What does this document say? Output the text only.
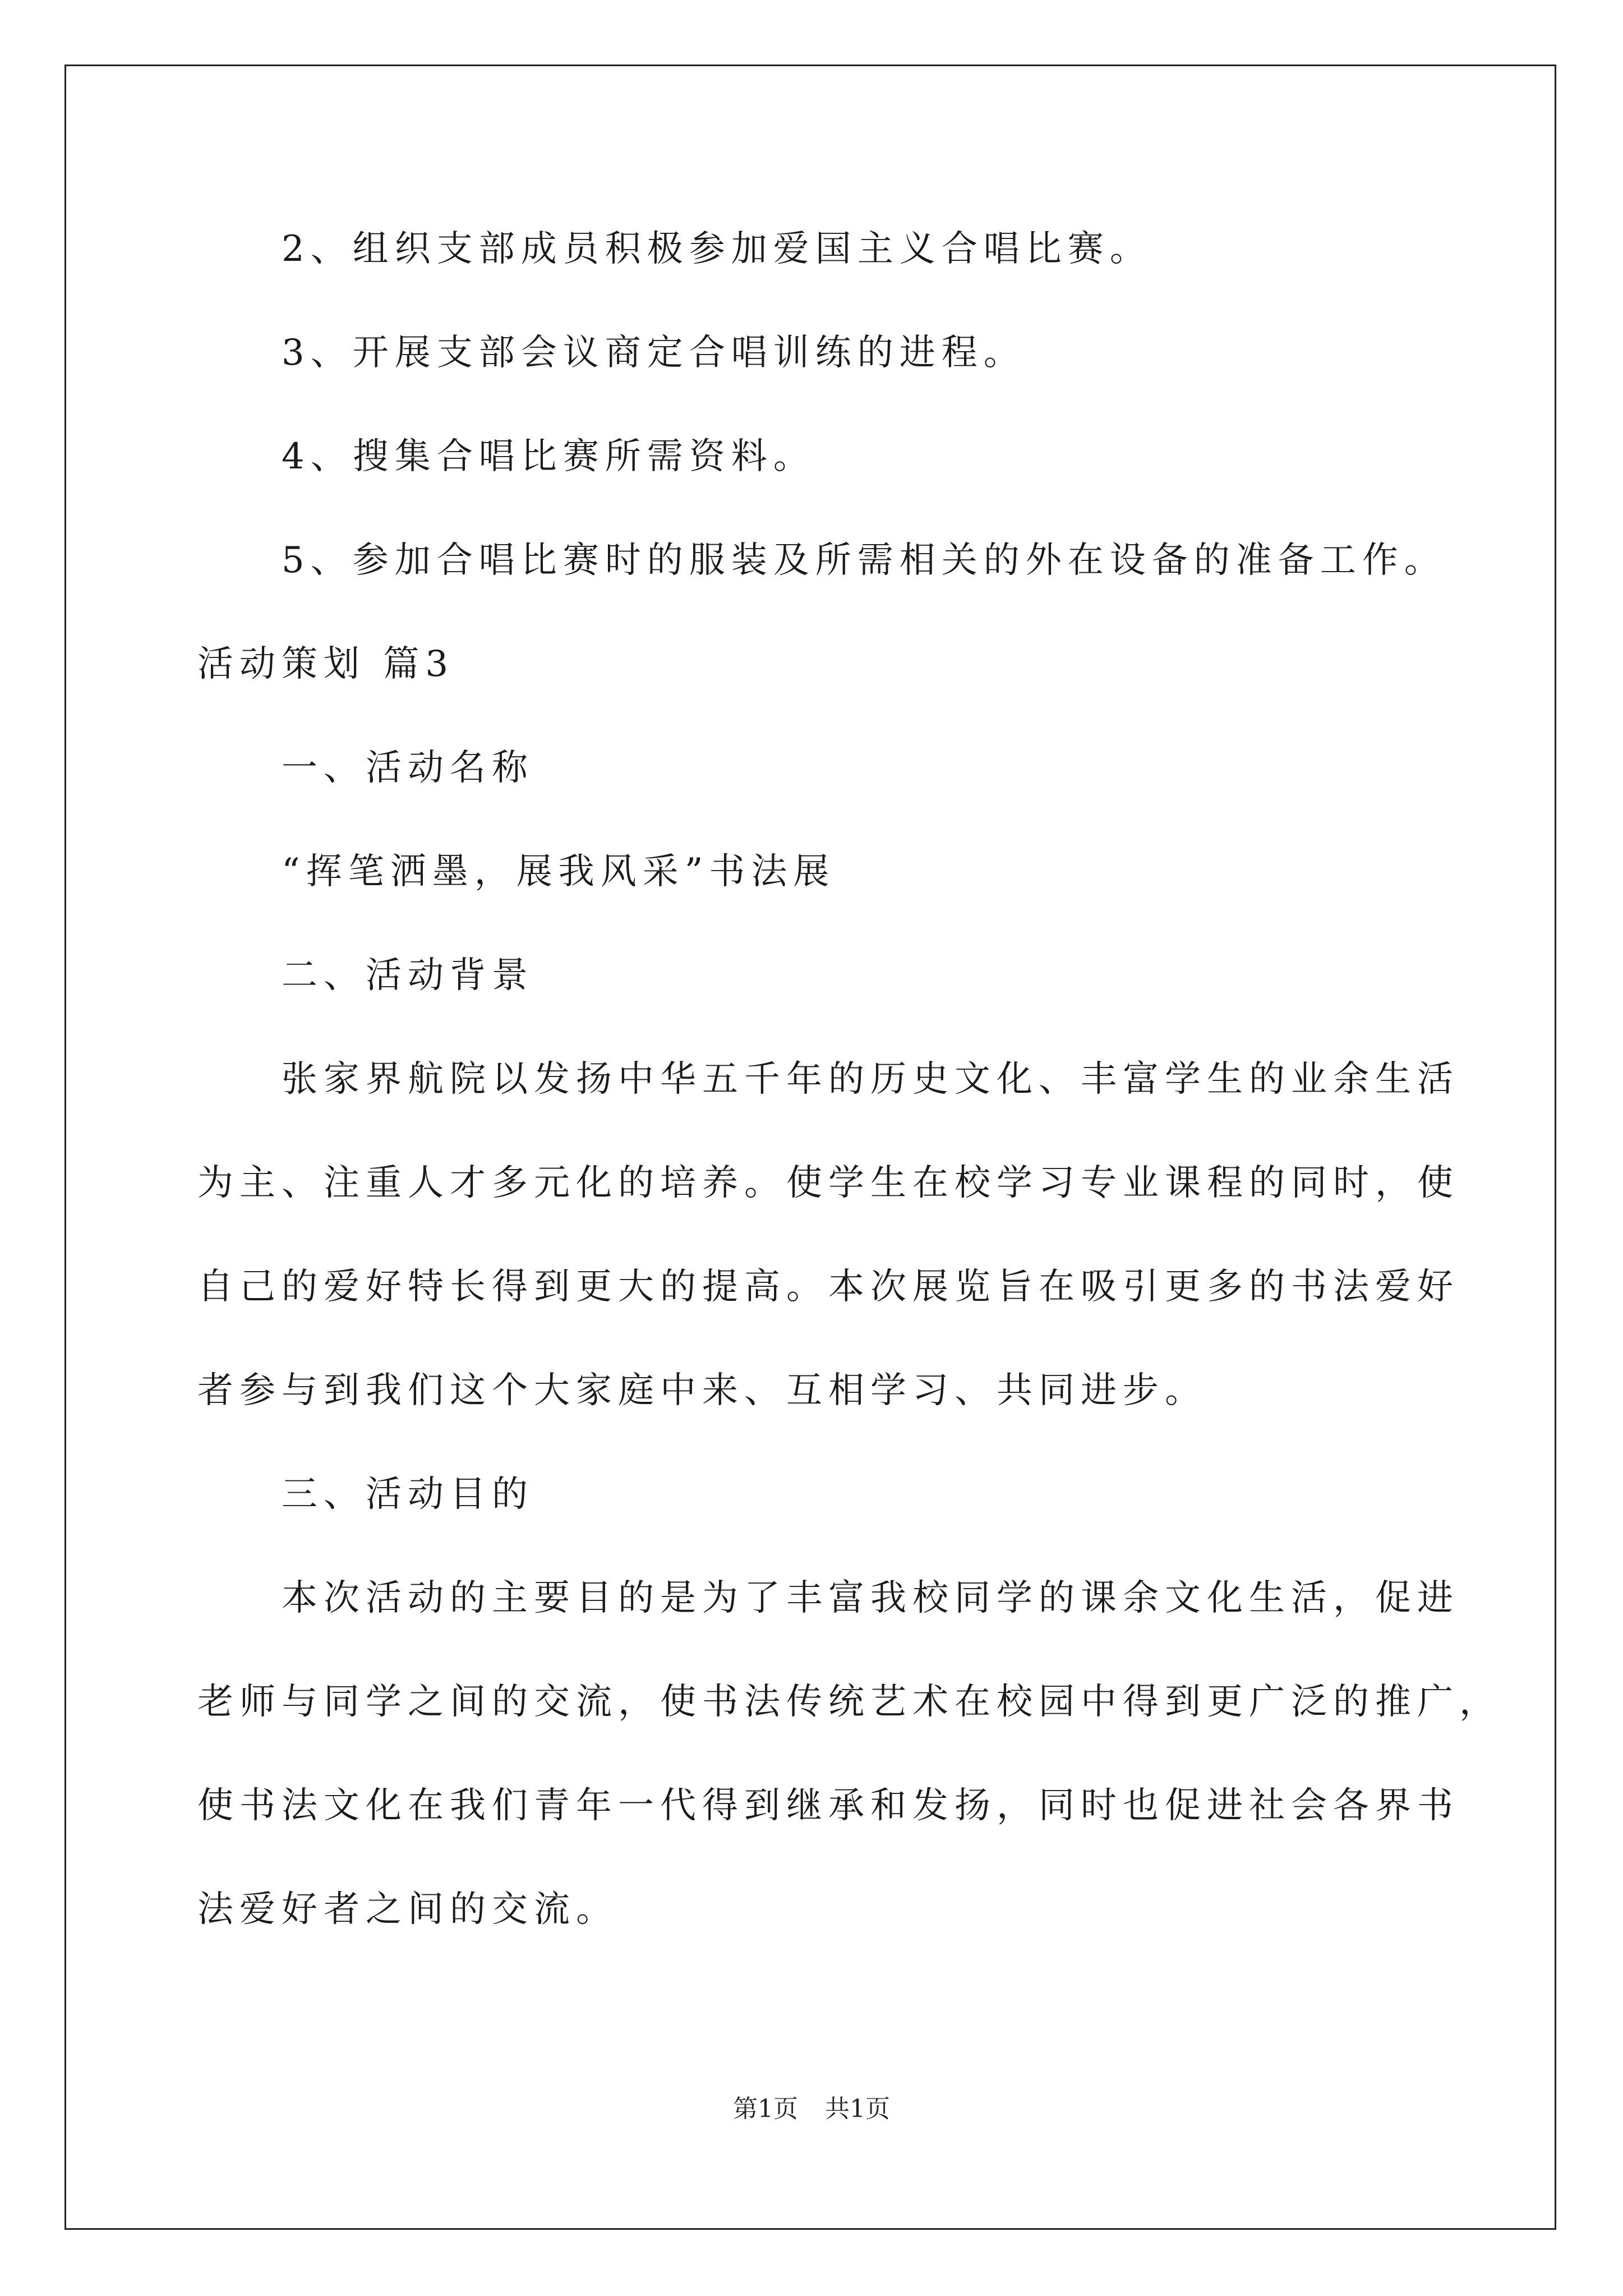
2、组织支部成员积极参加爱国主义合唱比赛。
3、开展支部会议商定合唱训练的进程。
4、搜集合唱比赛所需资料。
5、参加合唱比赛时的服装及所需相关的外在设备的准备工作。
活动策划 篇3
一、活动名称
“挥笔洒墨，展我风采”书法展
二、活动背景
张家界航院以发扬中华五千年的历史文化、丰富学生的业余生活
为主、注重人才多元化的培养。使学生在校学习专业课程的同时，使
自己的爱好特长得到更大的提高。本次展览旨在吸引更多的书法爱好
者参与到我们这个大家庭中来、互相学习、共同进步。
三、活动目的
本次活动的主要目的是为了丰富我校同学的课余文化生活，促进
老师与同学之间的交流，使书法传统艺术在校园中得到更广泛的推广，
使书法文化在我们青年一代得到继承和发扬，同时也促进社会各界书
法爱好者之间的交流。
第1页 共1页
